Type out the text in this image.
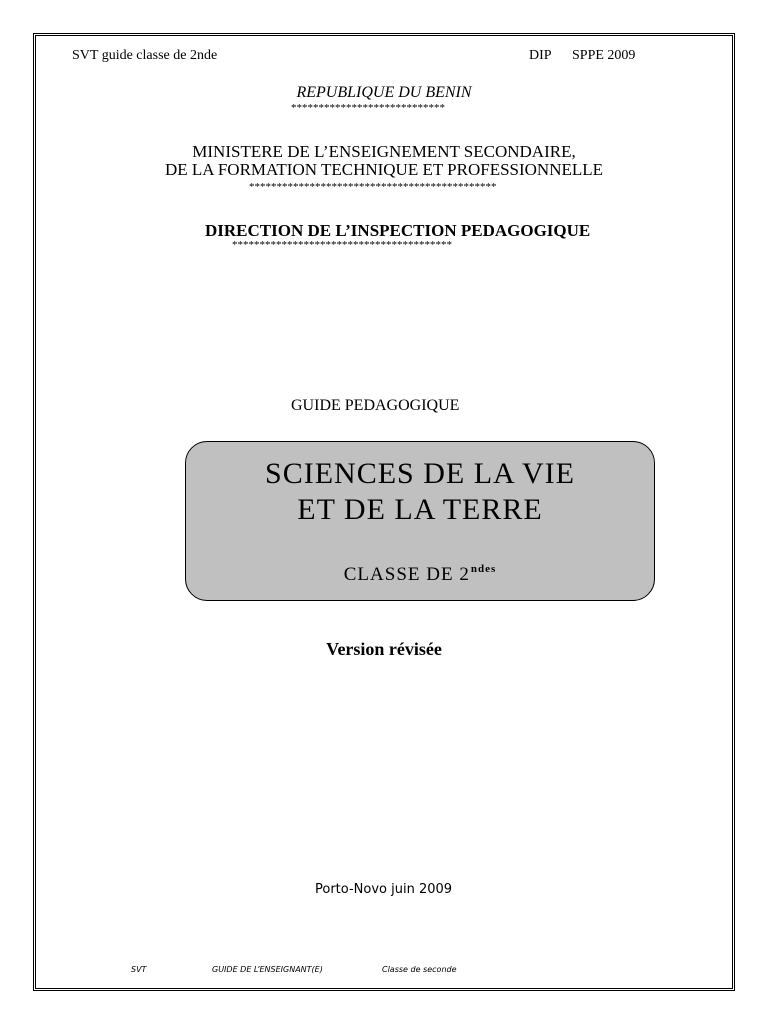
SVT guide classe de 2nde	DIP SPPE 2009
REPUBLIQUE DU BENIN
****************************
MINISTERE DE L’ENSEIGNEMENT SECONDAIRE,
DE LA FORMATION TECHNIQUE ET PROFESSIONNELLE
*********************************************
DIRECTION DE L’INSPECTION PEDAGOGIQUE
****************************************
GUIDE PEDAGOGIQUE
SCIENCES DE LA VIE
ET DE LA TERRE
CLASSE DE $2^{ndes}$
Version révisée
Porto-Novo juin 2009
SVT	GUIDE DE L’ENSEIGNANT(E)	Classe de seconde
